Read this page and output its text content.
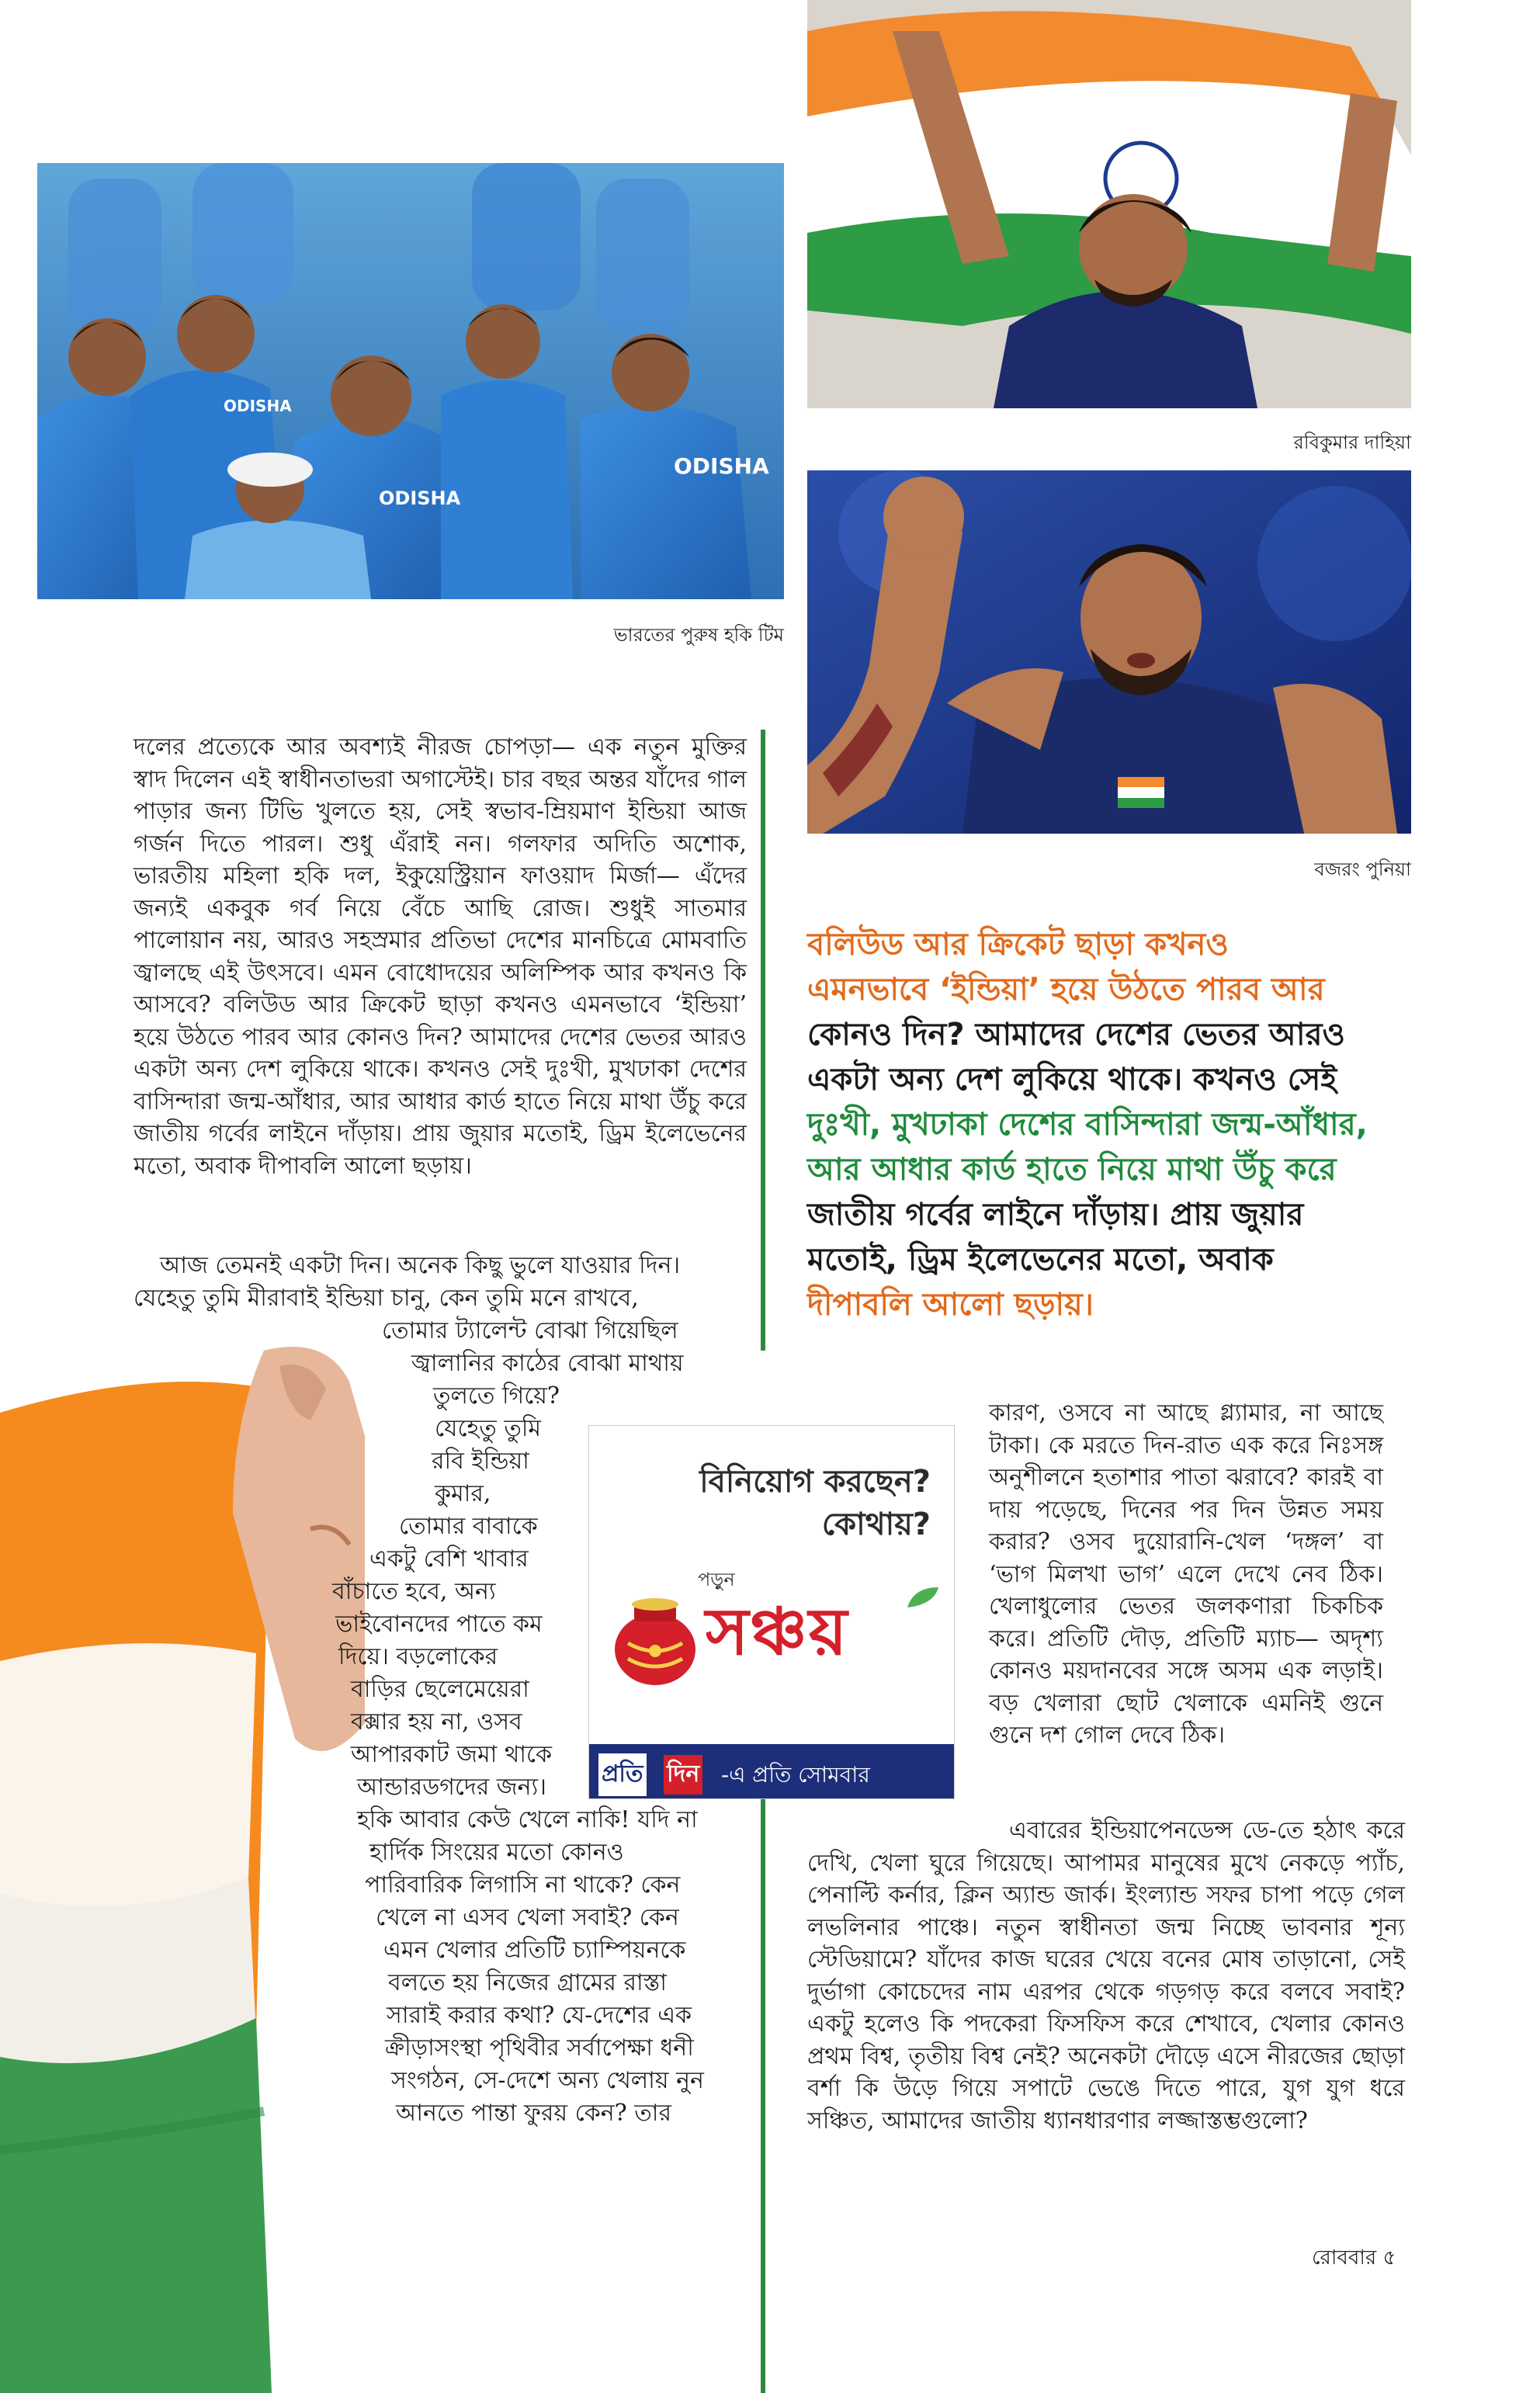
ODISHA
ODISHA
ODISHA
ভারতের পুরুষ হকি টিম
রবিকুমার দাহিয়া
বজরং পুনিয়া

দলের প্রত্যেকে আর অবশ্যই নীরজ চোপড়া— এক নতুন মুক্তির স্বাদ দিলেন এই স্বাধীনতাভরা অগাস্টেই। চার বছর অন্তর যাঁদের গাল পাড়ার জন্য টিভি খুলতে হয়, সেই স্বভাব-ম্রিয়মাণ ইন্ডিয়া আজ গর্জন দিতে পারল। শুধু এঁরাই নন। গলফার অদিতি অশোক, ভারতীয় মহিলা হকি দল, ইকুয়েস্ট্রিয়ান ফাওয়াদ মির্জা— এঁদের জন্যই একবুক গর্ব নিয়ে বেঁচে আছি রোজ। শুধুই সাতমার পালোয়ান নয়, আরও সহস্রমার প্রতিভা দেশের মানচিত্রে মোমবাতি জ্বালছে এই উৎসবে। এমন বোধোদয়ের অলিম্পিক আর কখনও কি আসবে? বলিউড আর ক্রিকেট ছাড়া কখনও এমনভাবে ‘ইন্ডিয়া’ হয়ে উঠতে পারব আর কোনও দিন? আমাদের দেশের ভেতর আরও একটা অন্য দেশ লুকিয়ে থাকে। কখনও সেই দুঃখী, মুখঢাকা দেশের বাসিন্দারা জন্ম-আঁধার, আর আধার কার্ড হাতে নিয়ে মাথা উঁচু করে জাতীয় গর্বের লাইনে দাঁড়ায়। প্রায় জুয়ার মতোই, ড্রিম ইলেভেনের মতো, অবাক দীপাবলি আলো ছড়ায়।

আজ তেমনই একটা দিন। অনেক কিছু ভুলে যাওয়ার দিন।
যেহেতু তুমি মীরাবাই ইন্ডিয়া চানু, কেন তুমি মনে রাখবে,
তোমার ট্যালেন্ট বোঝা গিয়েছিল
জ্বালানির কাঠের বোঝা মাথায়
তুলতে গিয়ে?
যেহেতু তুমি
রবি ইন্ডিয়া
কুমার,
তোমার বাবাকে
একটু বেশি খাবার
বাঁচাতে হবে, অন্য
ভাইবোনদের পাতে কম
দিয়ে। বড়লোকের
বাড়ির ছেলেমেয়েরা
বক্সার হয় না, ওসব
আপারকাট জমা থাকে
আন্ডারডগদের জন্য।
হকি আবার কেউ খেলে নাকি! যদি না
হার্দিক সিংয়ের মতো কোনও
পারিবারিক লিগাসি না থাকে? কেন
খেলে না এসব খেলা সবাই? কেন
এমন খেলার প্রতিটি চ্যাম্পিয়নকে
বলতে হয় নিজের গ্রামের রাস্তা
সারাই করার কথা? যে-দেশের এক
ক্রীড়াসংস্থা পৃথিবীর সর্বাপেক্ষা ধনী
সংগঠন, সে-দেশে অন্য খেলায় নুন
আনতে পান্তা ফুরয় কেন? তার
বলিউড আর ক্রিকেট ছাড়া কখনও
এমনভাবে ‘ইন্ডিয়া’ হয়ে উঠতে পারব আর
কোনও দিন? আমাদের দেশের ভেতর আরও
একটা অন্য দেশ লুকিয়ে থাকে। কখনও সেই
দুঃখী, মুখঢাকা দেশের বাসিন্দারা জন্ম-আঁধার,
আর আধার কার্ড হাতে নিয়ে মাথা উঁচু করে
জাতীয় গর্বের লাইনে দাঁড়ায়। প্রায় জুয়ার
মতোই, ড্রিম ইলেভেনের মতো, অবাক
দীপাবলি আলো ছড়ায়।
বিনিয়োগ করছেন?
কোথায়?
পড়ুন
সঞ্চয়
প্রতি দিন -এ প্রতি সোমবার

কারণ, ওসবে না আছে গ্ল্যামার, না আছে টাকা। কে মরতে দিন-রাত এক করে নিঃসঙ্গ অনুশীলনে হতাশার পাতা ঝরাবে? কারই বা দায় পড়েছে, দিনের পর দিন উন্নত সময় করার? ওসব দুয়োরানি-খেল ‘দঙ্গল’ বা ‘ভাগ মিলখা ভাগ’ এলে দেখে নেব ঠিক। খেলাধুলোর ভেতর জলকণারা চিকচিক করে। প্রতিটি দৌড়, প্রতিটি ম্যাচ— অদৃশ্য কোনও ময়দানবের সঙ্গে অসম এক লড়াই। বড় খেলারা ছোট খেলাকে এমনিই গুনে গুনে দশ গোল দেবে ঠিক।

এবারের ইন্ডিয়াপেনডেন্স ডে-তে হঠাৎ করে দেখি, খেলা ঘুরে গিয়েছে। আপামর মানুষের মুখে নেকড়ে প্যাঁচ, পেনাল্টি কর্নার, ক্লিন অ্যান্ড জার্ক। ইংল্যান্ড সফর চাপা পড়ে গেল লভলিনার পাঞ্চে। নতুন স্বাধীনতা জন্ম নিচ্ছে ভাবনার শূন্য স্টেডিয়ামে? যাঁদের কাজ ঘরের খেয়ে বনের মোষ তাড়ানো, সেই দুর্ভাগা কোচেদের নাম এরপর থেকে গড়গড় করে বলবে সবাই? একটু হলেও কি পদকেরা ফিসফিস করে শেখাবে, খেলার কোনও প্রথম বিশ্ব, তৃতীয় বিশ্ব নেই? অনেকটা দৌড়ে এসে নীরজের ছোড়া বর্শা কি উড়ে গিয়ে সপাটে ভেঙে দিতে পারে, যুগ যুগ ধরে সঞ্চিত, আমাদের জাতীয় ধ্যানধারণার লজ্জাস্তম্ভগুলো?

রোববার ৫
